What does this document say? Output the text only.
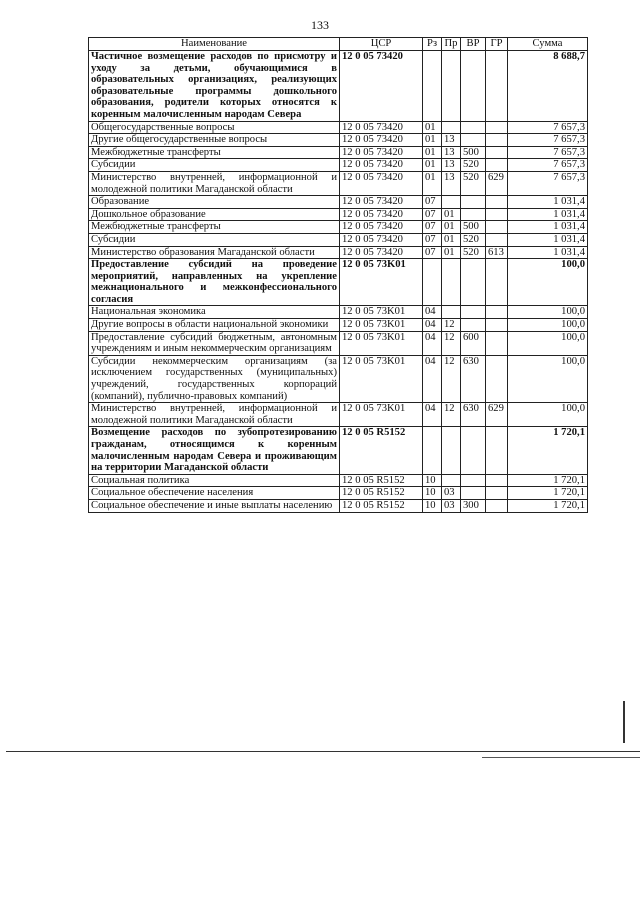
133
Наименование	ЦСР	Рз	Пр	ВР	ГР	Сумма
Частичное возмещение расходов по присмотру и уходу за детьми, обучающимися в образовательных организациях, реализующих образовательные программы дошкольного образования, родители которых относятся к коренным малочисленным народам Севера	12 0 05 73420					8 688,7
Общегосударственные вопросы	12 0 05 73420	01				7 657,3
Другие общегосударственные вопросы	12 0 05 73420	01	13			7 657,3
Межбюджетные трансферты	12 0 05 73420	01	13	500		7 657,3
Субсидии	12 0 05 73420	01	13	520		7 657,3
Министерство внутренней, информационной и молодежной политики Магаданской области	12 0 05 73420	01	13	520	629	7 657,3
Образование	12 0 05 73420	07				1 031,4
Дошкольное образование	12 0 05 73420	07	01			1 031,4
Межбюджетные трансферты	12 0 05 73420	07	01	500		1 031,4
Субсидии	12 0 05 73420	07	01	520		1 031,4
Министерство образования Магаданской области	12 0 05 73420	07	01	520	613	1 031,4
Предоставление субсидий на проведение мероприятий, направленных на укрепление межнационального и межконфессионального согласия	12 0 05 73K01					100,0
Национальная экономика	12 0 05 73K01	04				100,0
Другие вопросы в области национальной экономики	12 0 05 73K01	04	12			100,0
Предоставление субсидий бюджетным, автономным учреждениям и иным некоммерческим организациям	12 0 05 73K01	04	12	600		100,0
Субсидии некоммерческим организациям (за исключением государственных (муниципальных) учреждений, государственных корпораций (компаний), публично-правовых компаний)	12 0 05 73K01	04	12	630		100,0
Министерство внутренней, информационной и молодежной политики Магаданской области	12 0 05 73K01	04	12	630	629	100,0
Возмещение расходов по зубопротезированию гражданам, относящимся к коренным малочисленным народам Севера и проживающим на территории Магаданской области	12 0 05 R5152					1 720,1
Социальная политика	12 0 05 R5152	10				1 720,1
Социальное обеспечение населения	12 0 05 R5152	10	03			1 720,1
Социальное обеспечение и иные выплаты населению	12 0 05 R5152	10	03	300		1 720,1
